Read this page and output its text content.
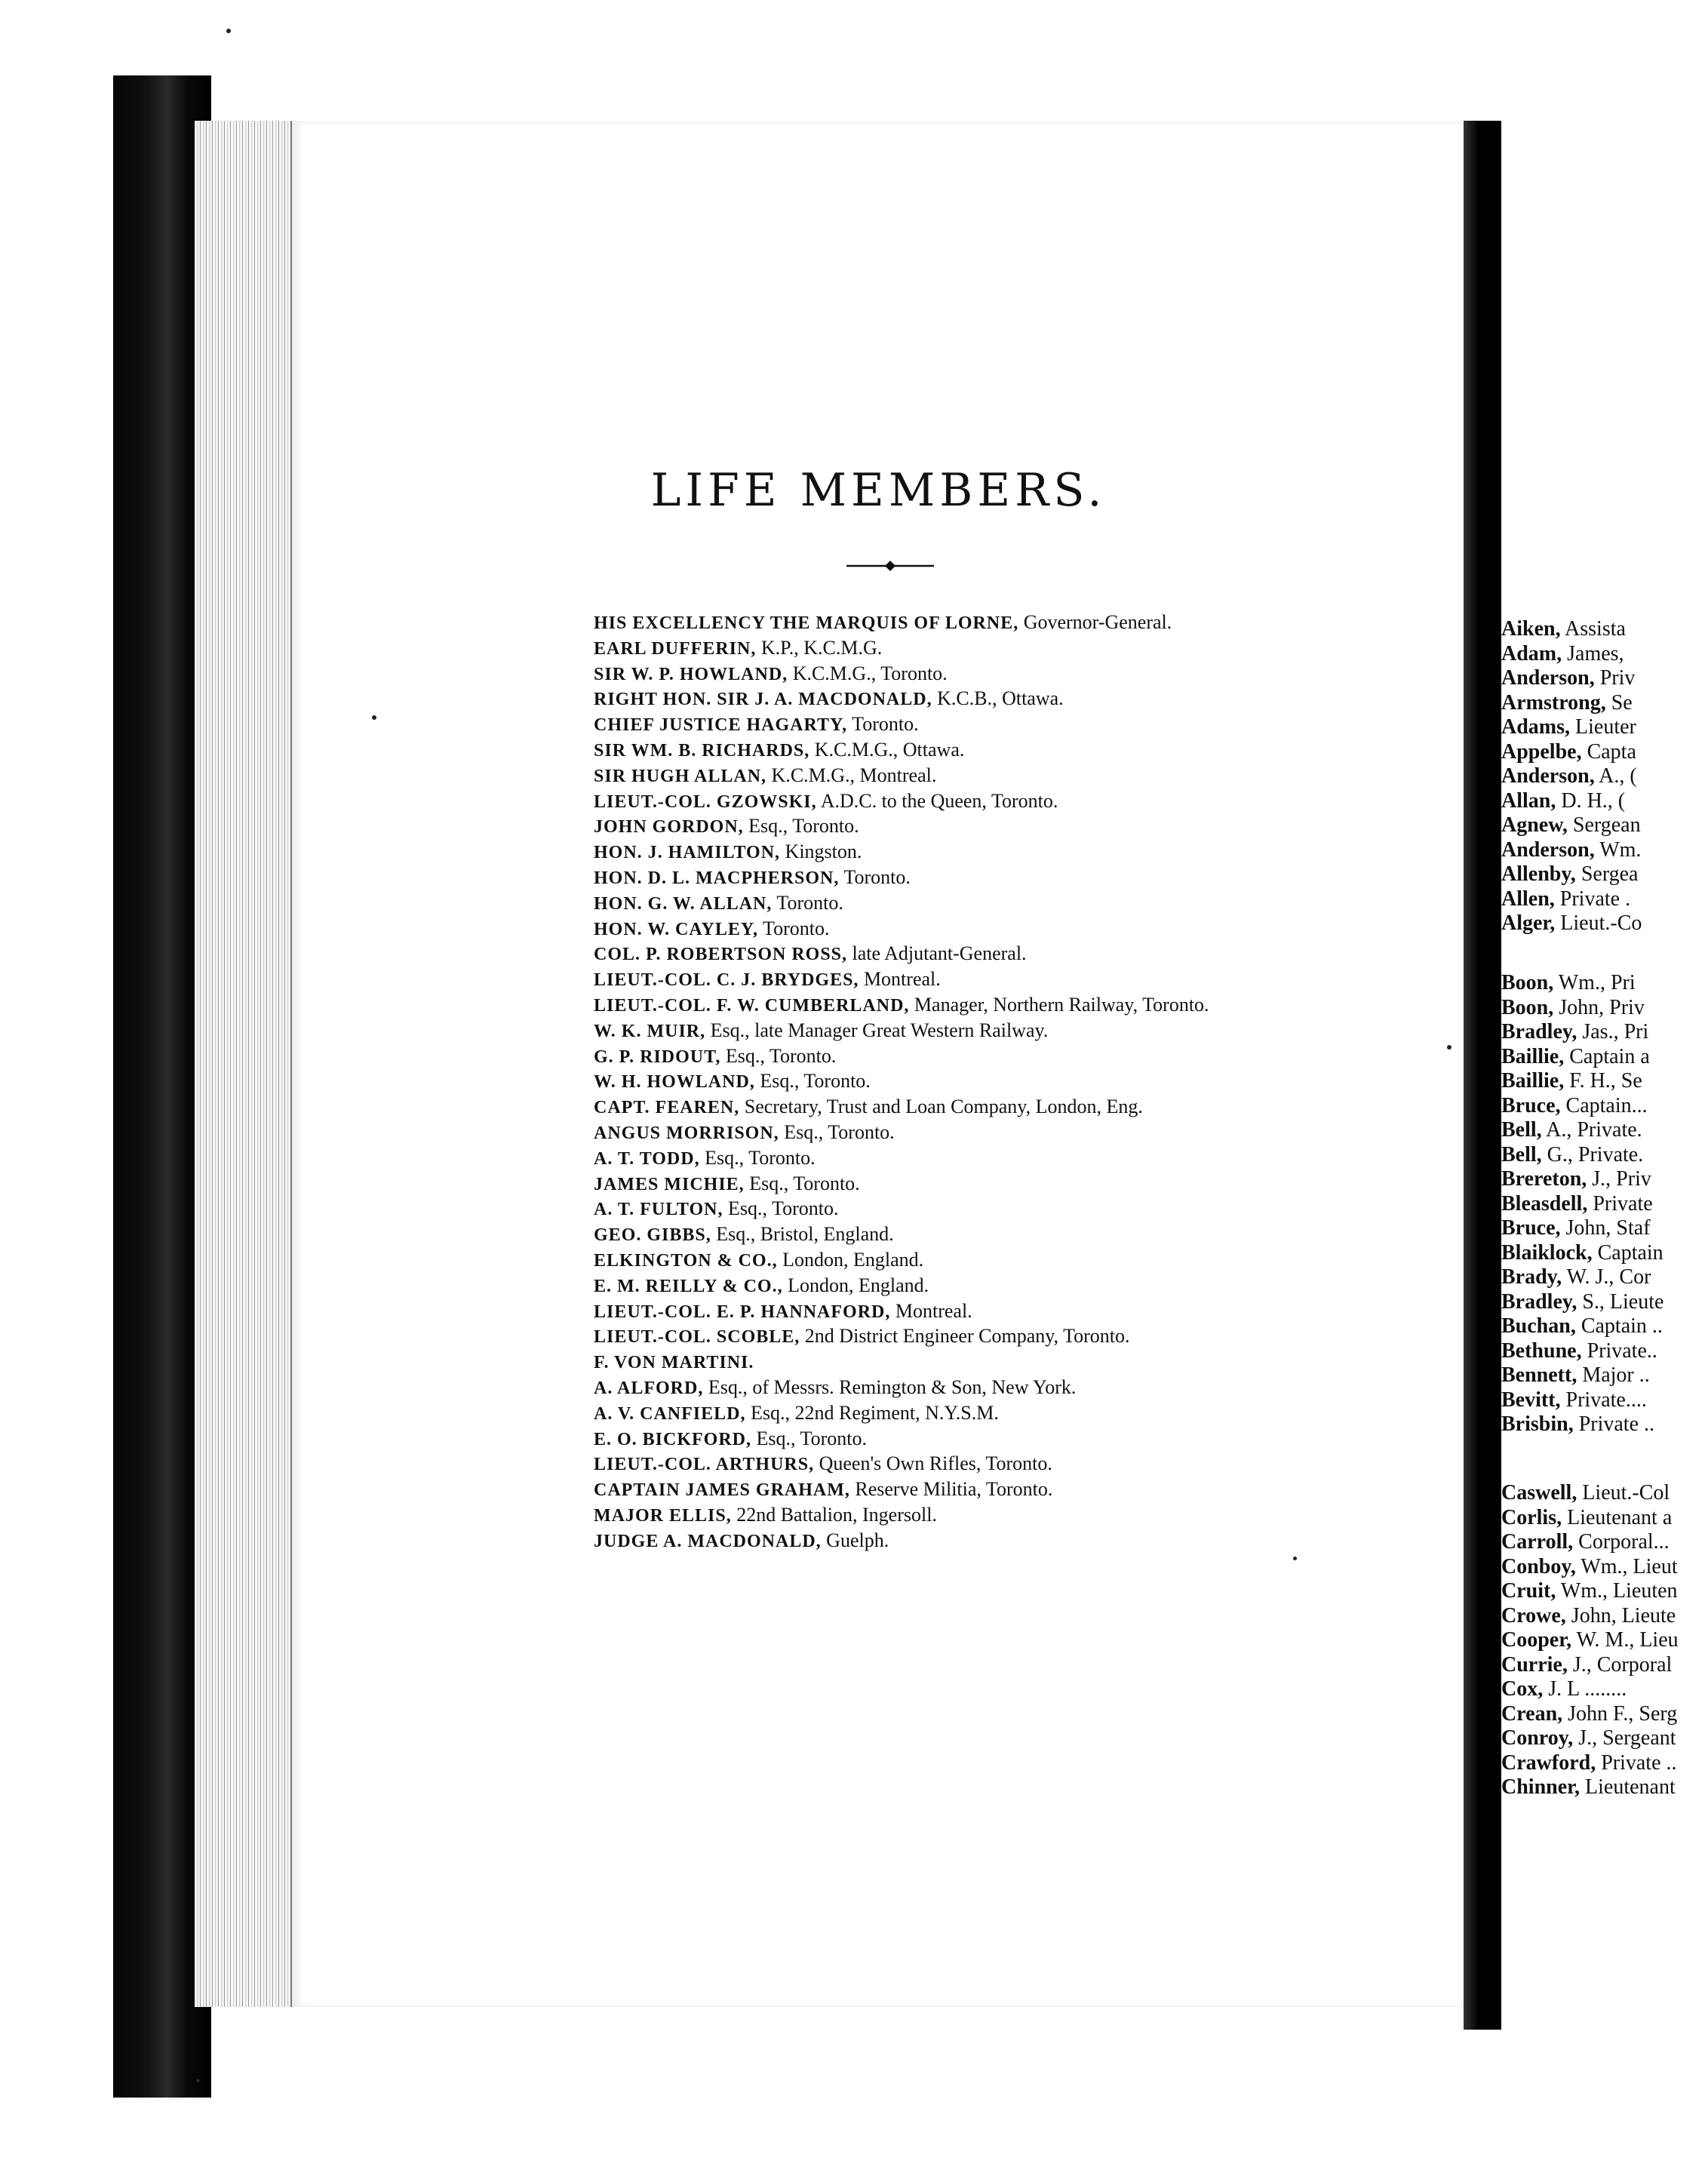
LIFE MEMBERS.
HIS EXCELLENCY THE MARQUIS OF LORNE, Governor-General.
EARL DUFFERIN, K.P., K.C.M.G.
SIR W. P. HOWLAND, K.C.M.G., Toronto.
RIGHT HON. SIR J. A. MACDONALD, K.C.B., Ottawa.
CHIEF JUSTICE HAGARTY, Toronto.
SIR WM. B. RICHARDS, K.C.M.G., Ottawa.
SIR HUGH ALLAN, K.C.M.G., Montreal.
LIEUT.-COL. GZOWSKI, A.D.C. to the Queen, Toronto.
JOHN GORDON, Esq., Toronto.
HON. J. HAMILTON, Kingston.
HON. D. L. MACPHERSON, Toronto.
HON. G. W. ALLAN, Toronto.
HON. W. CAYLEY, Toronto.
COL. P. ROBERTSON ROSS, late Adjutant-General.
LIEUT.-COL. C. J. BRYDGES, Montreal.
LIEUT.-COL. F. W. CUMBERLAND, Manager, Northern Railway, Toronto.
W. K. MUIR, Esq., late Manager Great Western Railway.
G. P. RIDOUT, Esq., Toronto.
W. H. HOWLAND, Esq., Toronto.
CAPT. FEAREN, Secretary, Trust and Loan Company, London, Eng.
ANGUS MORRISON, Esq., Toronto.
A. T. TODD, Esq., Toronto.
JAMES MICHIE, Esq., Toronto.
A. T. FULTON, Esq., Toronto.
GEO. GIBBS, Esq., Bristol, England.
ELKINGTON & CO., London, England.
E. M. REILLY & CO., London, England.
LIEUT.-COL. E. P. HANNAFORD, Montreal.
LIEUT.-COL. SCOBLE, 2nd District Engineer Company, Toronto.
F. VON MARTINI.
A. ALFORD, Esq., of Messrs. Remington & Son, New York.
A. V. CANFIELD, Esq., 22nd Regiment, N.Y.S.M.
E. O. BICKFORD, Esq., Toronto.
LIEUT.-COL. ARTHURS, Queen's Own Rifles, Toronto.
CAPTAIN JAMES GRAHAM, Reserve Militia, Toronto.
MAJOR ELLIS, 22nd Battalion, Ingersoll.
JUDGE A. MACDONALD, Guelph.
Aiken, Assista
Adam, James,
Anderson, Priv
Armstrong, Se
Adams, Lieuter
Appelbe, Capta
Anderson, A., (
Allan, D. H., (
Agnew, Sergean
Anderson, Wm.
Allenby, Sergea
Allen, Private .
Alger, Lieut.-Co
Boon, Wm., Pri
Boon, John, Priv
Bradley, Jas., Pri
Baillie, Captain a
Baillie, F. H., Se
Bruce, Captain...
Bell, A., Private.
Bell, G., Private.
Brereton, J., Priv
Bleasdell, Private
Bruce, John, Staf
Blaiklock, Captain
Brady, W. J., Cor
Bradley, S., Lieute
Buchan, Captain ..
Bethune, Private..
Bennett, Major ..
Bevitt, Private....
Brisbin, Private ..
Caswell, Lieut.-Col
Corlis, Lieutenant a
Carroll, Corporal...
Conboy, Wm., Lieut
Cruit, Wm., Lieuten
Crowe, John, Lieute
Cooper, W. M., Lieu
Currie, J., Corporal
Cox, J. L ........
Crean, John F., Serg
Conroy, J., Sergeant
Crawford, Private ..
Chinner, Lieutenant
